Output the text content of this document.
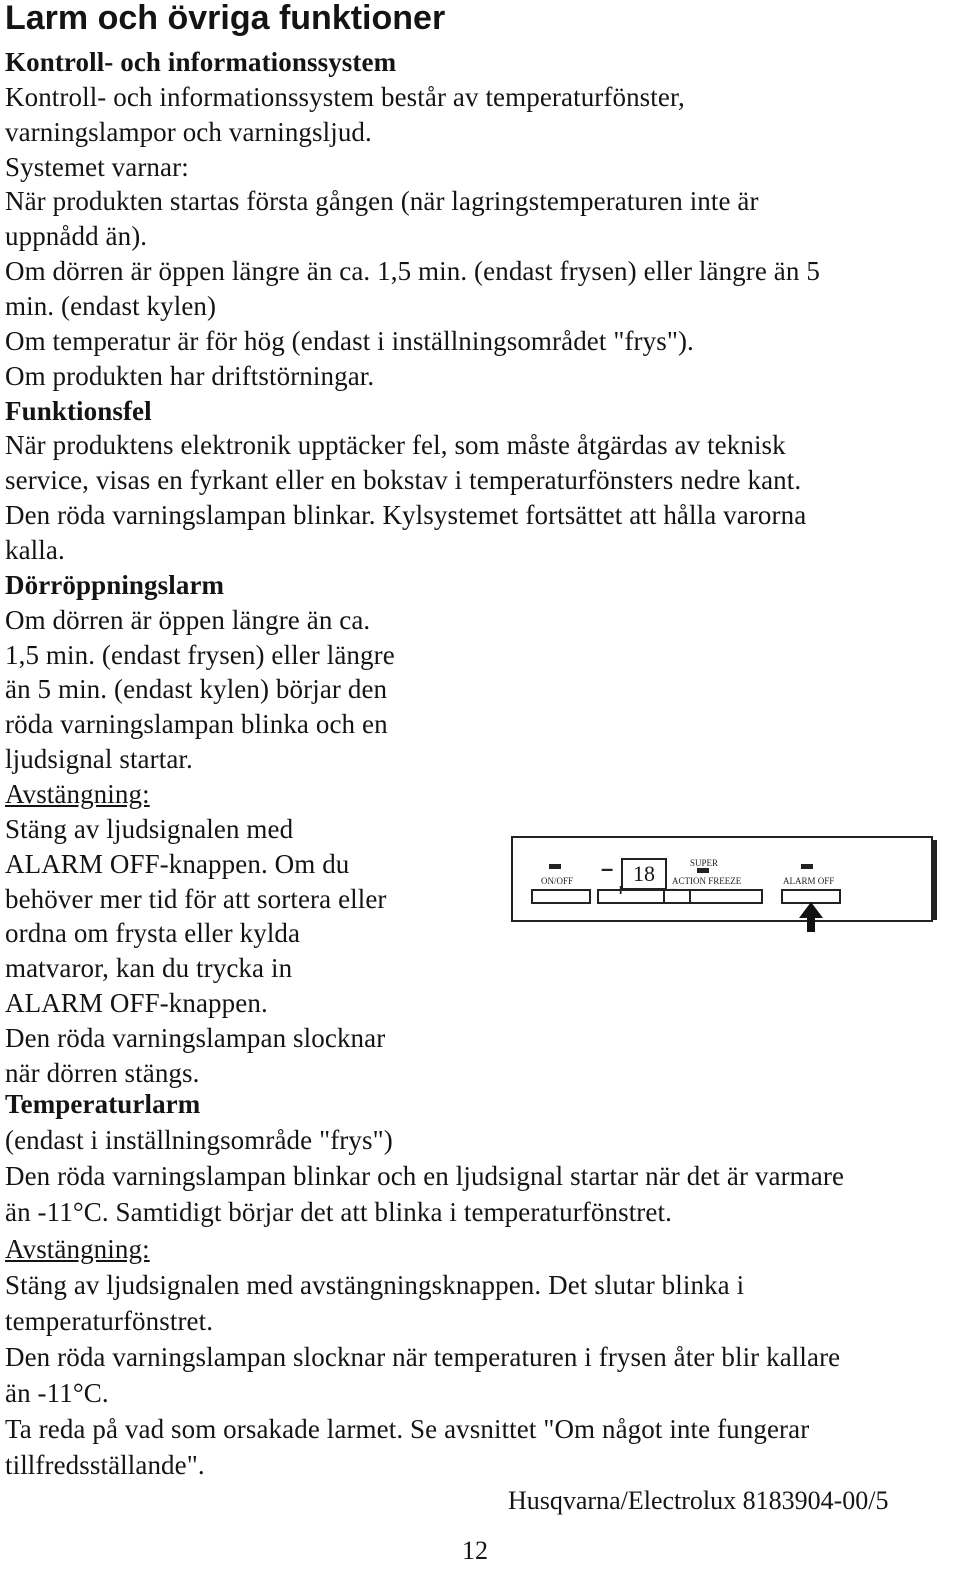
Larm och övriga funktioner
Kontroll- och informationssystem
Kontroll- och informationssystem består av temperaturfönster,
varningslampor och varningsljud.
Systemet varnar:
När produkten startas första gången (när lagringstemperaturen inte är
uppnådd än).
Om dörren är öppen längre än ca. 1,5 min. (endast frysen) eller längre än 5
min. (endast kylen)
Om temperatur är för hög (endast i inställningsområdet "frys").
Om produkten har driftstörningar.
Funktionsfel
När produktens elektronik upptäcker fel, som måste åtgärdas av teknisk
service, visas en fyrkant eller en bokstav i temperaturfönsters nedre kant.
Den röda varningslampan blinkar. Kylsystemet fortsättet att hålla varorna
kalla.
Dörröppningslarm
Om dörren är öppen längre än ca.
1,5 min. (endast frysen) eller längre
än 5 min. (endast kylen) börjar den
röda varningslampan blinka och en
ljudsignal startar.
Avstängning:
Stäng av ljudsignalen med
ALARM OFF-knappen. Om du
behöver mer tid för att sortera eller
ordna om frysta eller kylda
matvaror, kan du trycka in
ALARM OFF-knappen.
Den röda varningslampan slocknar
när dörren stängs.
Temperaturlarm
(endast i inställningsområde "frys")
Den röda varningslampan blinkar och en ljudsignal startar när det är varmare
än -11°C. Samtidigt börjar det att blinka i temperaturfönstret.
Avstängning:
Stäng av ljudsignalen med avstängningsknappen. Det slutar blinka i
temperaturfönstret.
Den röda varningslampan slocknar när temperaturen i frysen åter blir kallare
än -11°C.
Ta reda på vad som orsakade larmet. Se avsnittet "Om något inte fungerar
tillfredsställande".
ON/OFF – 18
+	–
SUPER
ACTION FREEZE	ALARM OFF
Husqvarna/Electrolux 8183904-00/5
12
